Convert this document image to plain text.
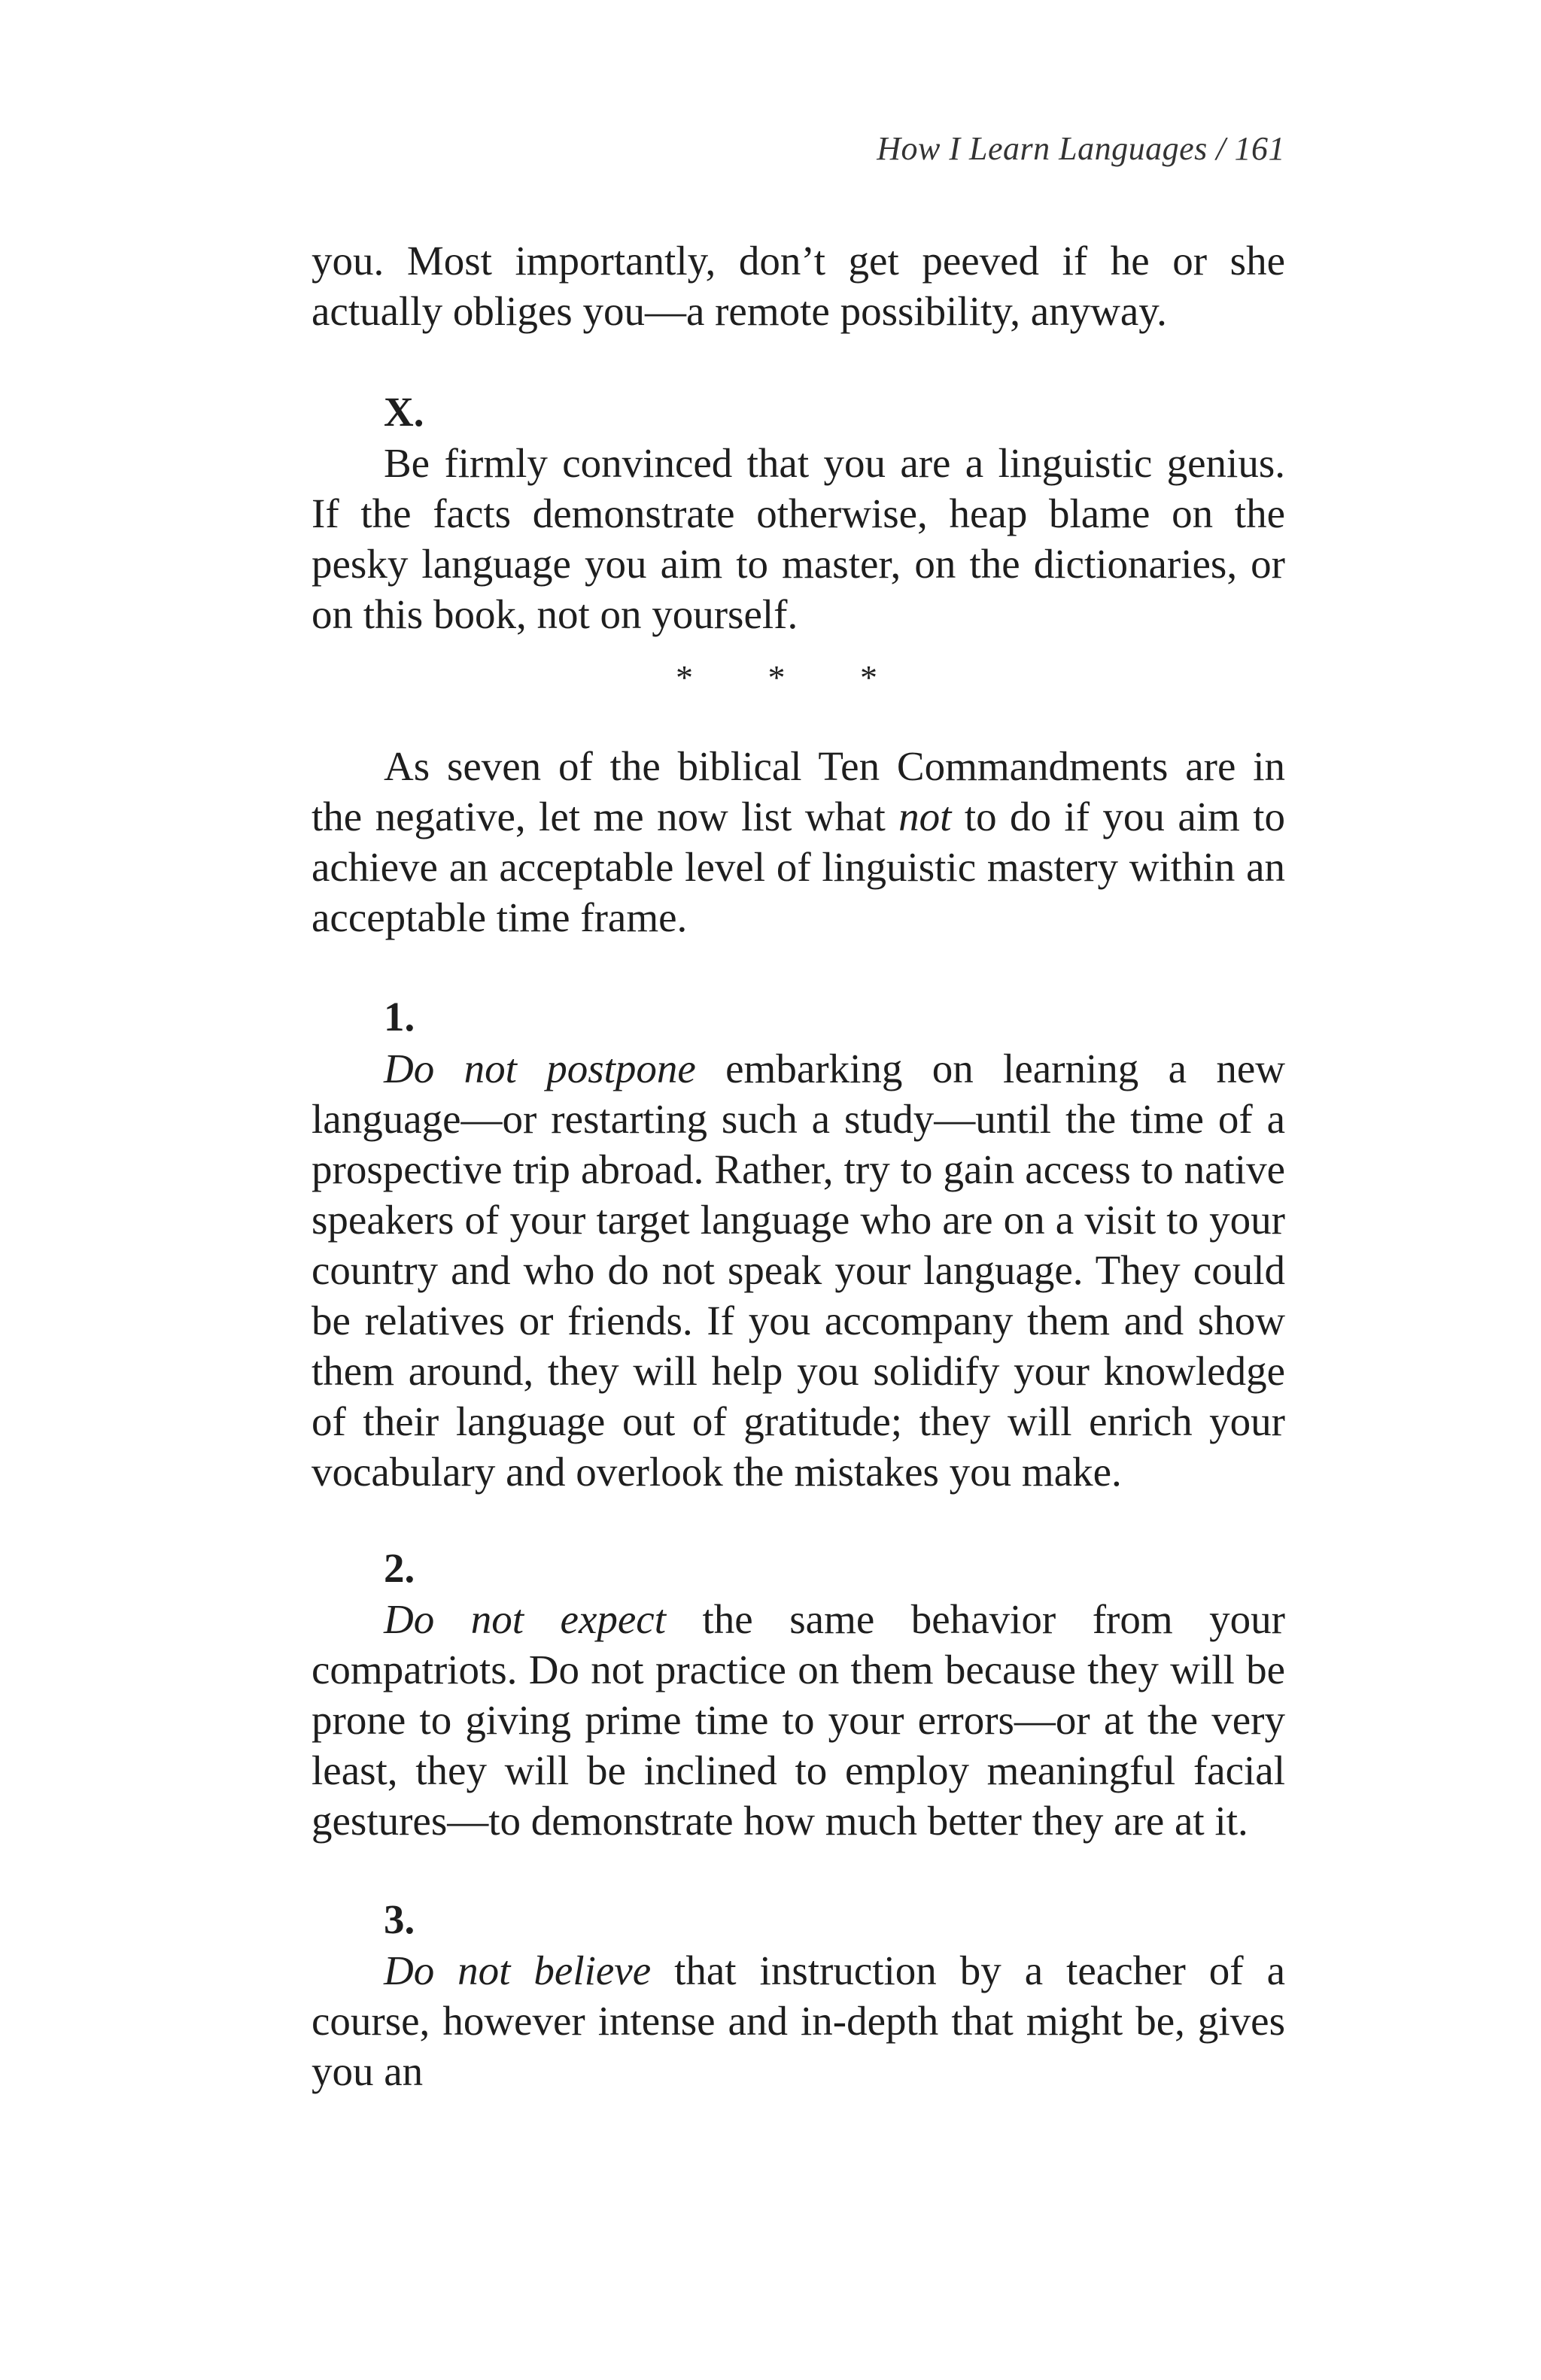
How I Learn Languages / 161

you. Most importantly, don’t get peeved if he or she actually obliges you—a remote possibility, anyway.

X.

Be firmly convinced that you are a linguistic genius. If the facts demonstrate otherwise, heap blame on the pesky language you aim to master, on the dictionaries, or on this book, not on yourself.

* * *

As seven of the biblical Ten Commandments are in the negative, let me now list what not to do if you aim to achieve an acceptable level of linguistic mastery within an acceptable time frame.

1.

Do not postpone embarking on learning a new language—or restarting such a study—until the time of a prospective trip abroad. Rather, try to gain access to native speakers of your target language who are on a visit to your country and who do not speak your language. They could be relatives or friends. If you accompany them and show them around, they will help you solidify your knowledge of their language out of gratitude; they will enrich your vocabulary and overlook the mistakes you make.

2.

Do not expect the same behavior from your compatriots. Do not practice on them because they will be prone to giving prime time to your errors—or at the very least, they will be inclined to employ meaningful facial gestures—to demonstrate how much better they are at it.

3.

Do not believe that instruction by a teacher of a course, however intense and in-depth that might be, gives you an
